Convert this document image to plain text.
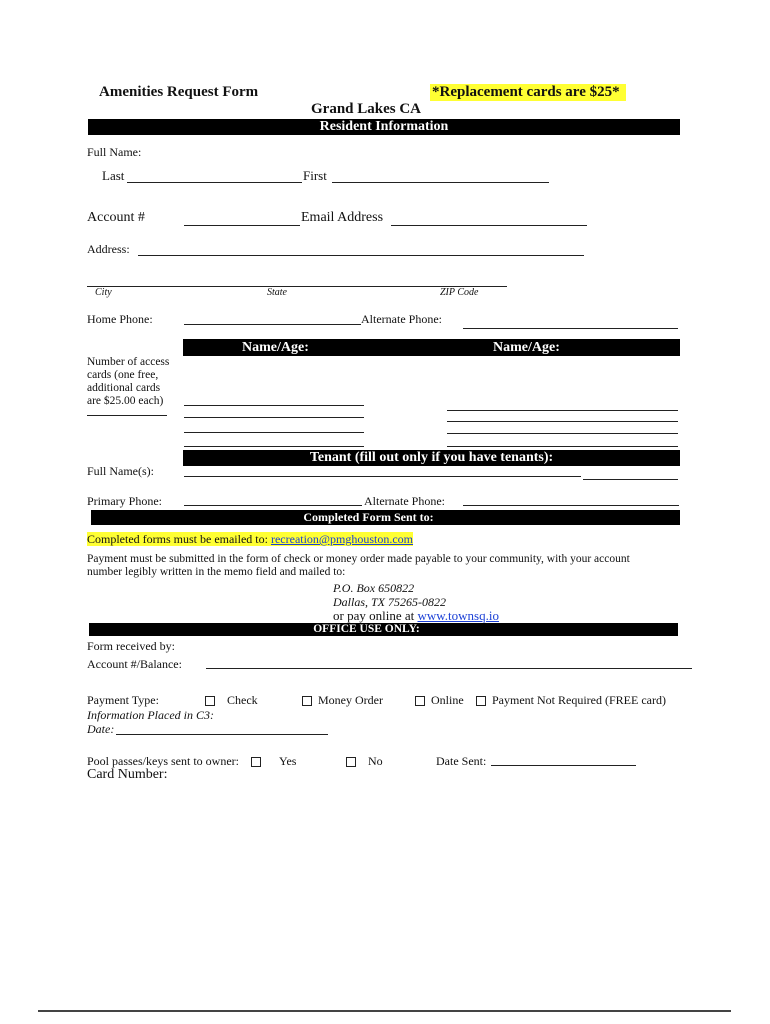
Amenities Request Form	*Replacement cards are $25*
Grand Lakes CA
Resident Information
Full Name:
Last	First
Account #	Email Address
Address:
City	State	ZIP Code
Home Phone:	Alternate Phone:
Name/Age:	Name/Age:
Number of access
cards (one free,
additional cards
are $25.00 each)
Tenant (fill out only if you have tenants):
Full Name(s):
Primary Phone:	Alternate Phone:
Completed Form Sent to:
Completed forms must be emailed to: recreation@pmghouston.com
Payment must be submitted in the form of check or money order made payable to your community, with your account
number legibly written in the memo field and mailed to:
P.O. Box 650822
Dallas, TX 75265-0822
or pay online at www.townsq.io
OFFICE USE ONLY:
Form received by:
Account #/Balance:
Payment Type:	Check	Money Order	Online	Payment Not Required (FREE card)
Information Placed in C3:
Date:
Pool passes/keys sent to owner:	Yes	No	Date Sent:
Card Number:
